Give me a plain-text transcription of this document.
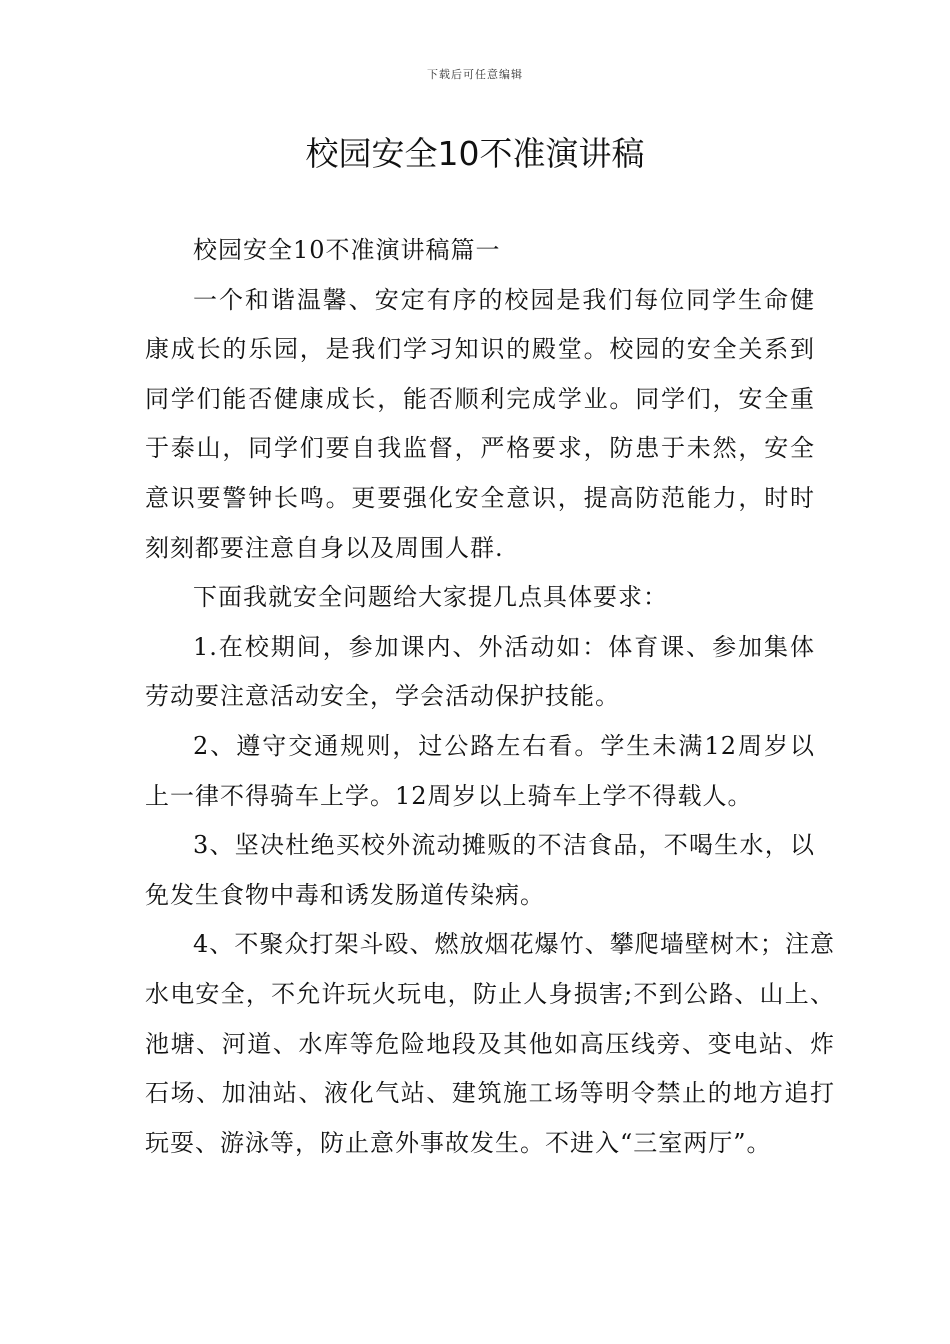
下载后可任意编辑
校园安全10不准演讲稿

校园安全10不准演讲稿篇一

一个和谐温馨、安定有序的校园是我们每位同学生命健康成长的乐园，是我们学习知识的殿堂。校园的安全关系到同学们能否健康成长，能否顺利完成学业。同学们，安全重于泰山，同学们要自我监督，严格要求，防患于未然，安全意识要警钟长鸣。更要强化安全意识，提高防范能力，时时刻刻都要注意自身以及周围人群.

下面我就安全问题给大家提几点具体要求：

1.在校期间，参加课内、外活动如：体育课、参加集体劳动要注意活动安全，学会活动保护技能。

2、遵守交通规则，过公路左右看。学生未满12周岁以上一律不得骑车上学。12周岁以上骑车上学不得载人。

3、坚决杜绝买校外流动摊贩的不洁食品，不喝生水，以免发生食物中毒和诱发肠道传染病。

4、不聚众打架斗殴、燃放烟花爆竹、攀爬墙壁树木；注意水电安全，不允许玩火玩电，防止人身损害;不到公路、山上、池塘、河道、水库等危险地段及其他如高压线旁、变电站、炸石场、加油站、液化气站、建筑施工场等明令禁止的地方追打玩耍、游泳等，防止意外事故发生。不进入“三室两厅”。
